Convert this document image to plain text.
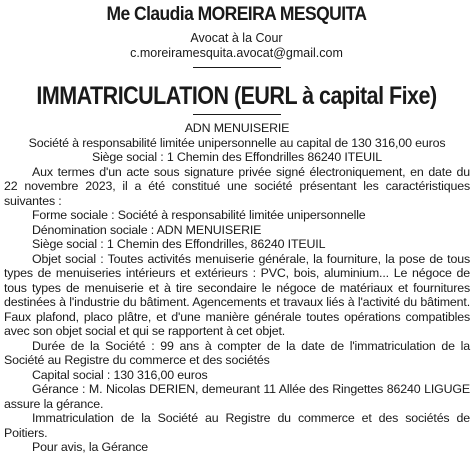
Me Claudia MOREIRA MESQUITA
Avocat à la Cour
c.moreiramesquita.avocat@gmail.com
IMMATRICULATION (EURL à capital Fixe)

ADN MENUISERIE

Société à responsabilité limitée unipersonnelle au capital de 130 316,00 euros

Siège social : 1 Chemin des Effondrilles 86240 ITEUIL

Aux termes d'un acte sous signature privée signé électroniquement, en date du 22 novembre 2023, il a été constitué une société présentant les caractéristiques suivantes :

Forme sociale : Société à responsabilité limitée unipersonnelle

Dénomination sociale : ADN MENUISERIE

Siège social : 1 Chemin des Effondrilles, 86240 ITEUIL

Objet social : Toutes activités menuiserie générale, la fourniture, la pose de tous types de menuiseries intérieurs et extérieurs : PVC, bois, aluminium... Le négoce de tous types de menuiserie et à tire secondaire le négoce de matériaux et fournitures destinées à l'industrie du bâtiment. Agencements et travaux liés à l'activité du bâtiment. Faux plafond, placo plâtre, et d'une manière générale toutes opérations compatibles avec son objet social et qui se rapportent à cet objet.

Durée de la Société : 99 ans à compter de la date de l'immatriculation de la Société au Registre du commerce et des sociétés

Capital social : 130 316,00 euros

Gérance : M. Nicolas DERIEN, demeurant 11 Allée des Ringettes 86240 LIGUGE assure la gérance.

Immatriculation de la Société au Registre du commerce et des sociétés de Poitiers.

Pour avis, la Gérance
